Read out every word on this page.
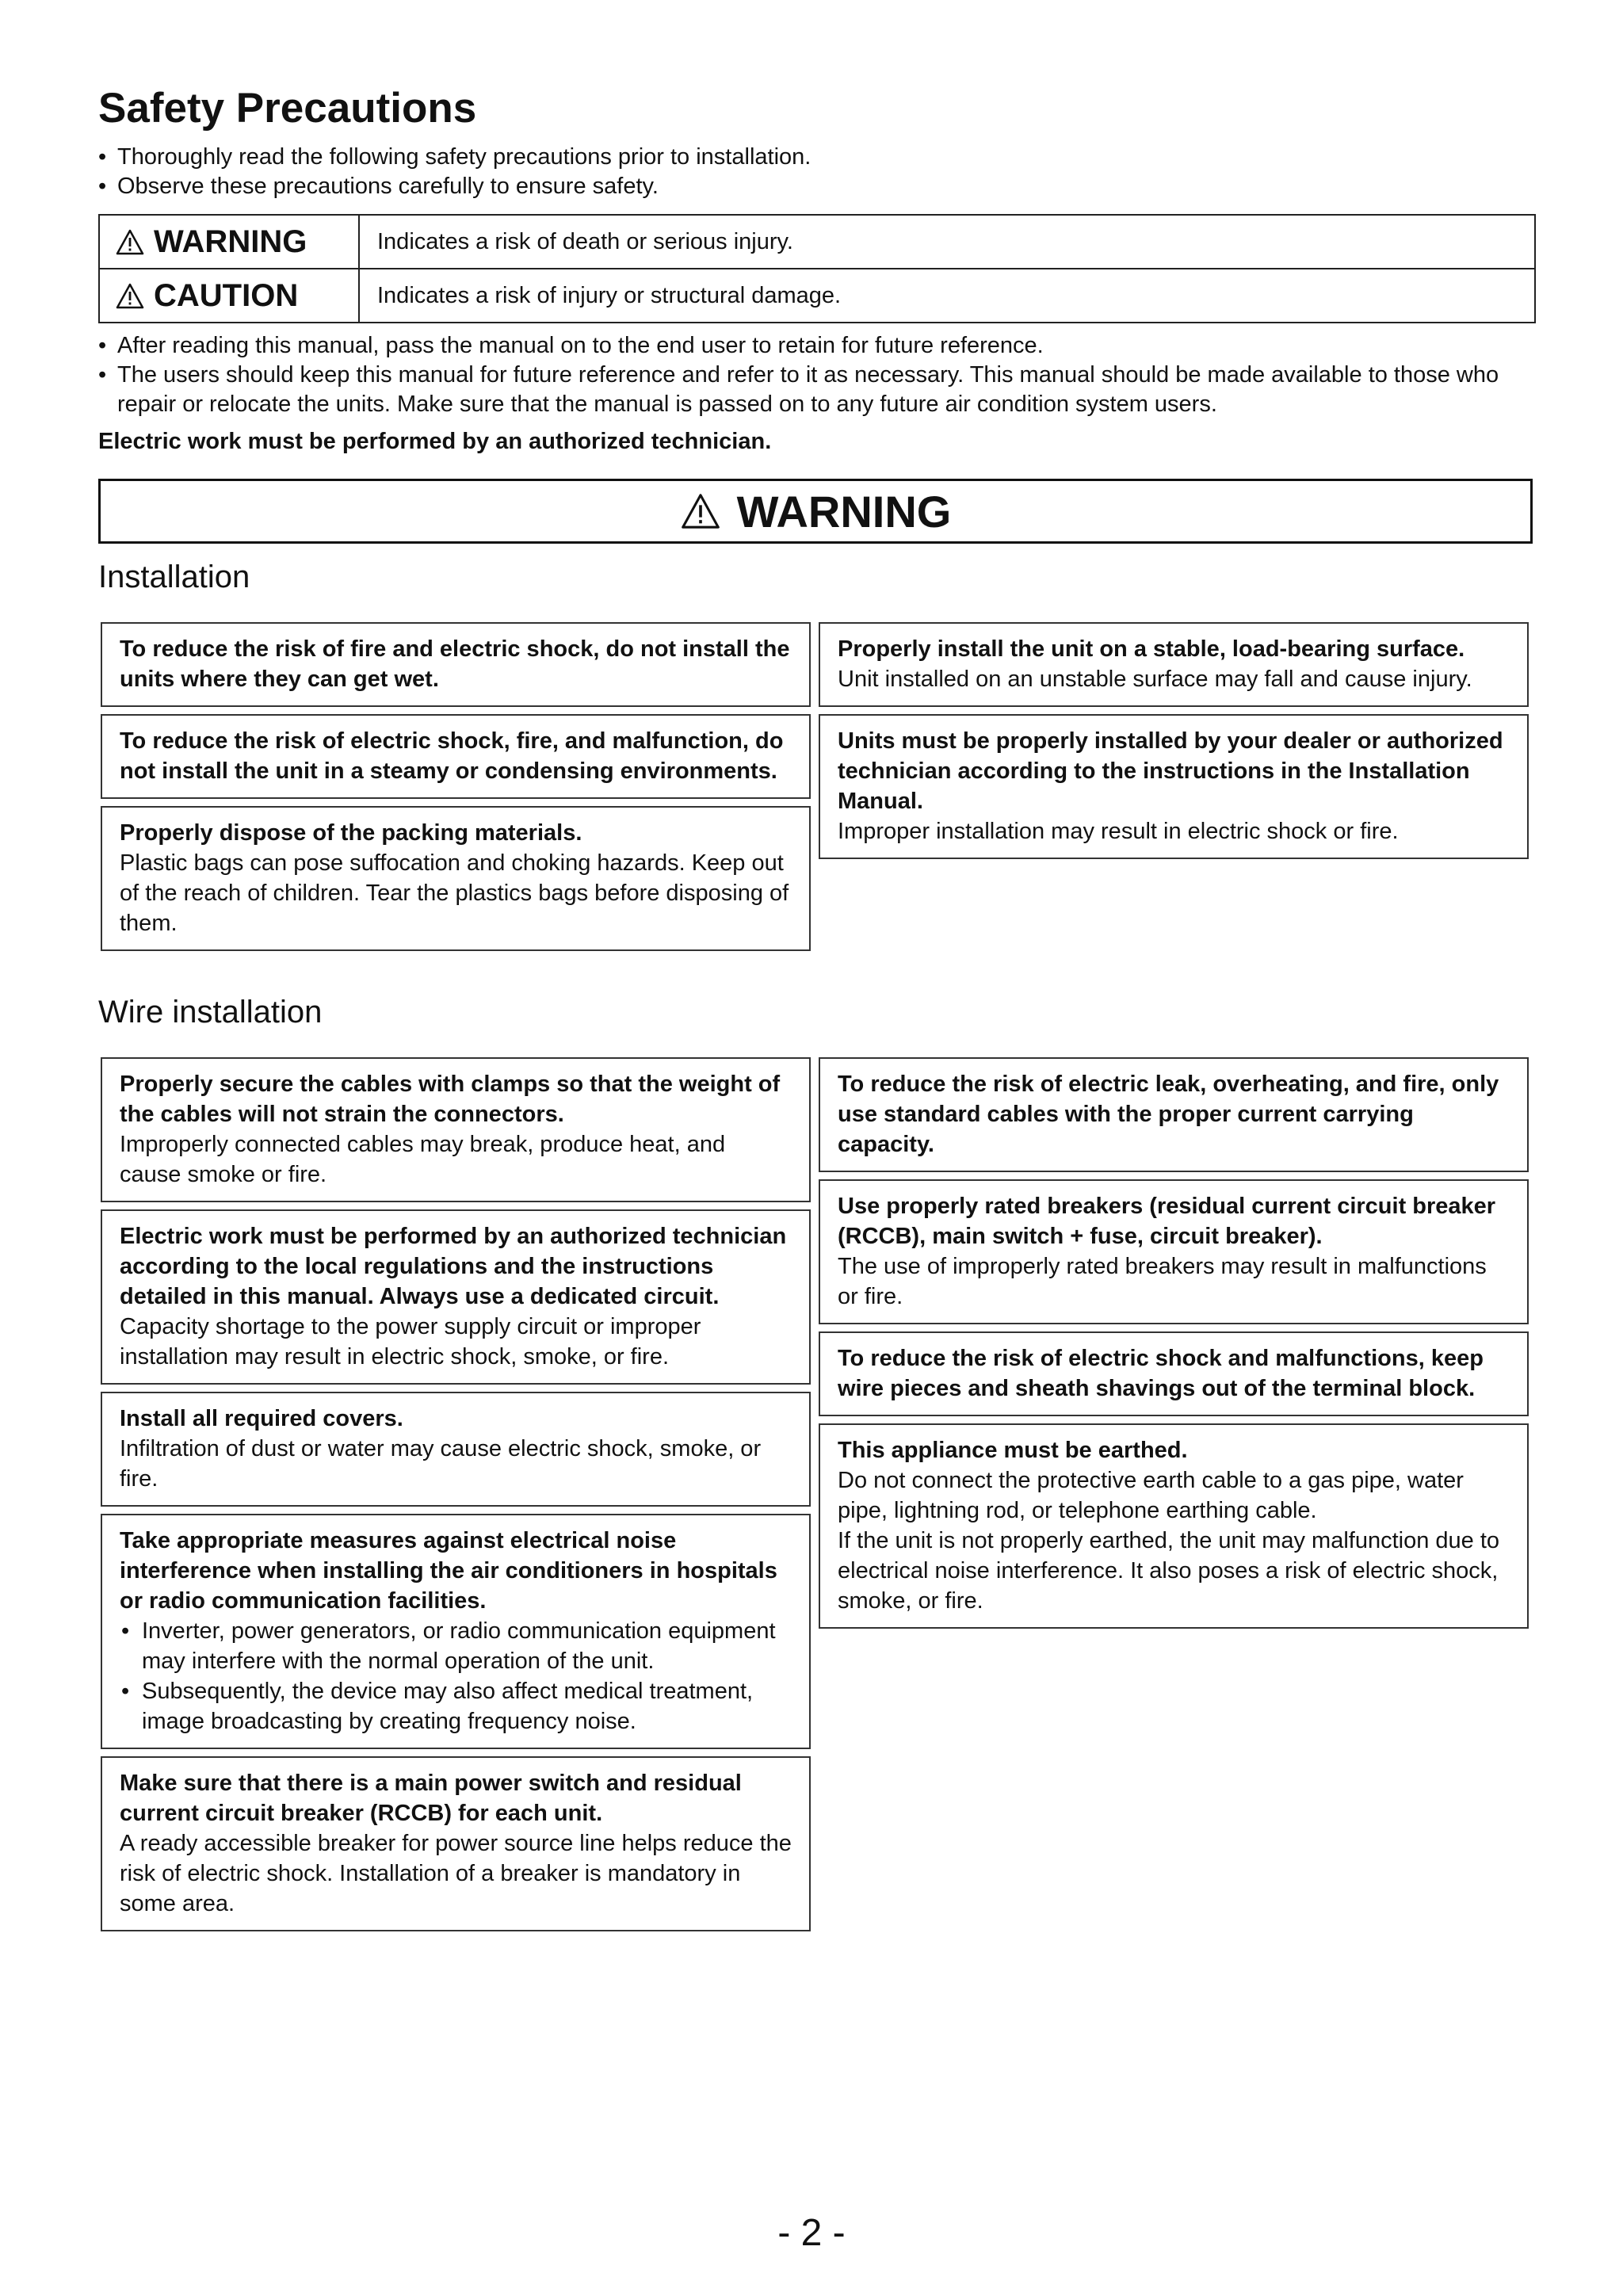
Safety Precautions
• Thoroughly read the following safety precautions prior to installation.
• Observe these precautions carefully to ensure safety.
WARNING	Indicates a risk of death or serious injury.
CAUTION	Indicates a risk of injury or structural damage.
• After reading this manual, pass the manual on to the end user to retain for future reference.
• The users should keep this manual for future reference and refer to it as necessary. This manual should be made available to those who repair or relocate the units. Make sure that the manual is passed on to any future air condition system users.
Electric work must be performed by an authorized technician.
WARNING
Installation
To reduce the risk of fire and electric shock, do not install the units where they can get wet.
To reduce the risk of electric shock, fire, and malfunction, do not install the unit in a steamy or condensing environments.
Properly dispose of the packing materials.
Plastic bags can pose suffocation and choking hazards. Keep out of the reach of children. Tear the plastics bags before disposing of them.
Properly install the unit on a stable, load-bearing surface.
Unit installed on an unstable surface may fall and cause injury.
Units must be properly installed by your dealer or authorized technician according to the instructions in the Installation Manual.
Improper installation may result in electric shock or fire.
Wire installation
Properly secure the cables with clamps so that the weight of the cables will not strain the connectors.
Improperly connected cables may break, produce heat, and cause smoke or fire.
Electric work must be performed by an authorized technician according to the local regulations and the instructions detailed in this manual. Always use a dedicated circuit.
Capacity shortage to the power supply circuit or improper installation may result in electric shock, smoke, or fire.
Install all required covers.
Infiltration of dust or water may cause electric shock, smoke, or fire.
Take appropriate measures against electrical noise interference when installing the air conditioners in hospitals or radio communication facilities.
• Inverter, power generators, or radio communication equipment may interfere with the normal operation of the unit.
• Subsequently, the device may also affect medical treatment, image broadcasting by creating frequency noise.
Make sure that there is a main power switch and residual current circuit breaker (RCCB) for each unit.
A ready accessible breaker for power source line helps reduce the risk of electric shock. Installation of a breaker is mandatory in some area.
To reduce the risk of electric leak, overheating, and fire, only use standard cables with the proper current carrying capacity.
Use properly rated breakers (residual current circuit breaker (RCCB), main switch + fuse, circuit breaker).
The use of improperly rated breakers may result in malfunctions or fire.
To reduce the risk of electric shock and malfunctions, keep wire pieces and sheath shavings out of the terminal block.
This appliance must be earthed.
Do not connect the protective earth cable to a gas pipe, water pipe, lightning rod, or telephone earthing cable.
If the unit is not properly earthed, the unit may malfunction due to electrical noise interference. It also poses a risk of electric shock, smoke, or fire.
- 2 -
